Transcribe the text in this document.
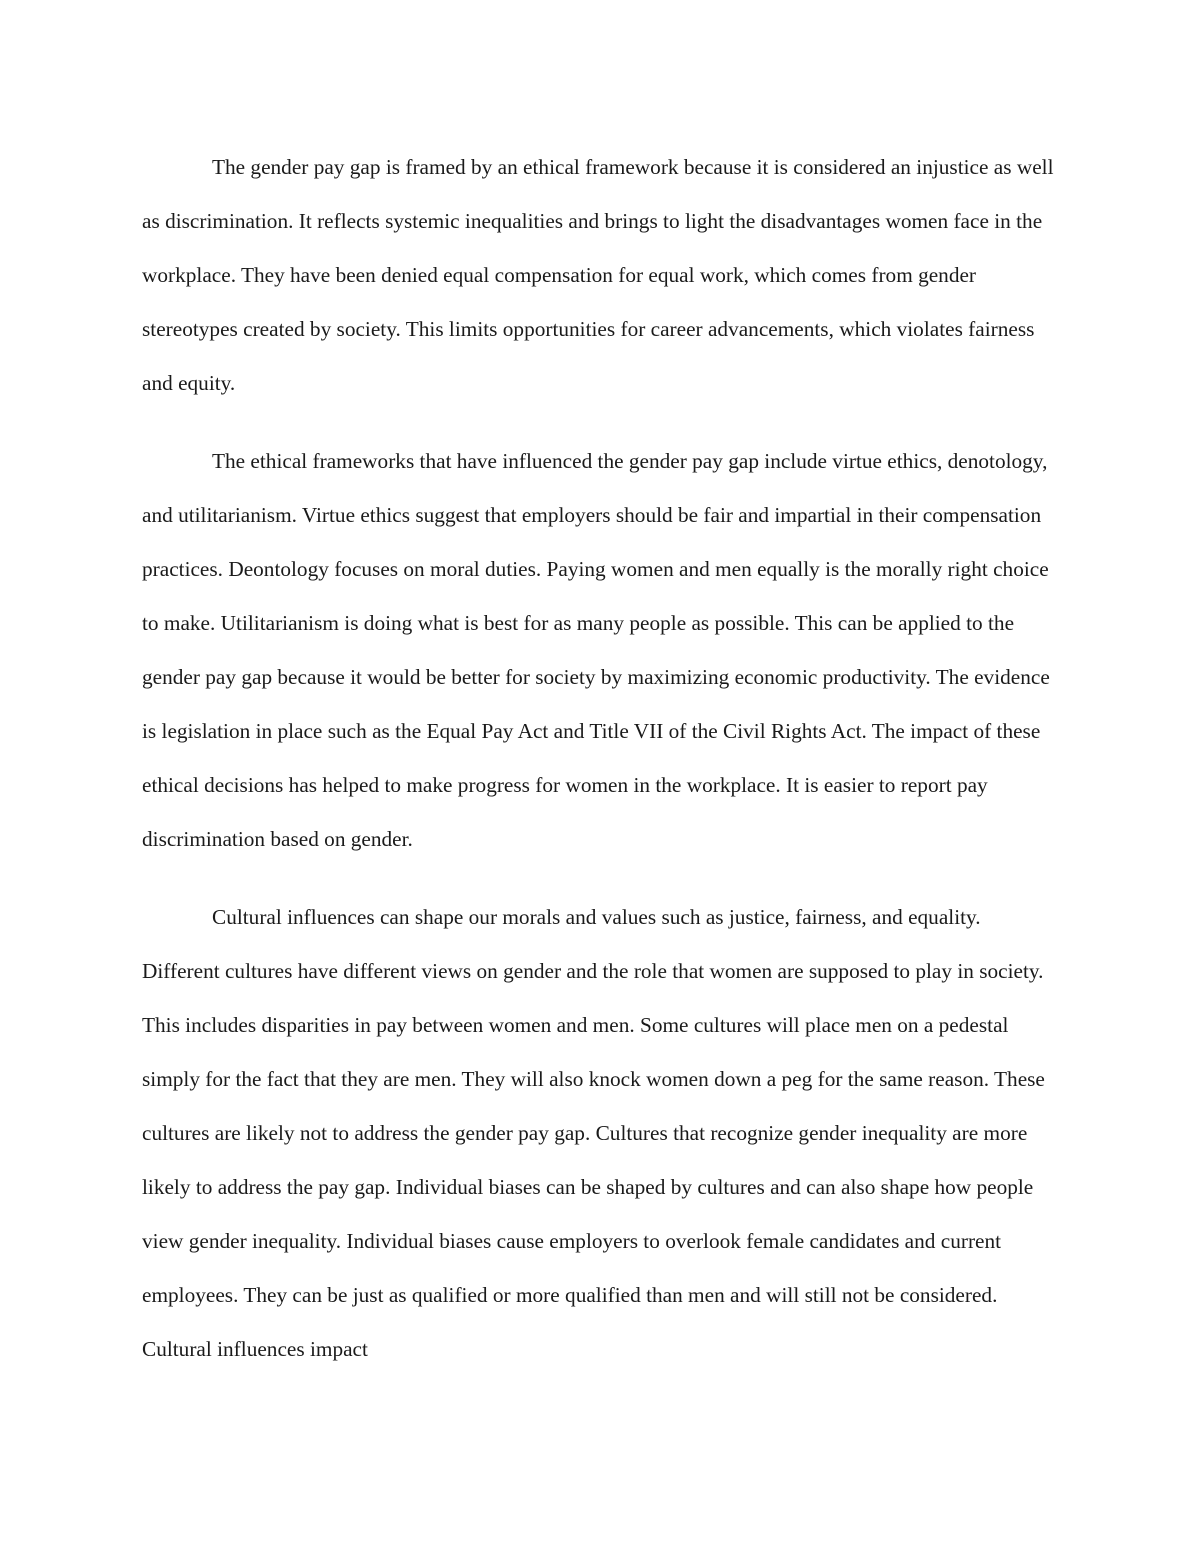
The gender pay gap is framed by an ethical framework because it is considered an injustice as well as discrimination. It reflects systemic inequalities and brings to light the disadvantages women face in the workplace. They have been denied equal compensation for equal work, which comes from gender stereotypes created by society. This limits opportunities for career advancements, which violates fairness and equity.

The ethical frameworks that have influenced the gender pay gap include virtue ethics, denotology, and utilitarianism. Virtue ethics suggest that employers should be fair and impartial in their compensation practices. Deontology focuses on moral duties. Paying women and men equally is the morally right choice to make. Utilitarianism is doing what is best for as many people as possible. This can be applied to the gender pay gap because it would be better for society by maximizing economic productivity. The evidence is legislation in place such as the Equal Pay Act and Title VII of the Civil Rights Act. The impact of these ethical decisions has helped to make progress for women in the workplace. It is easier to report pay discrimination based on gender.

Cultural influences can shape our morals and values such as justice, fairness, and equality. Different cultures have different views on gender and the role that women are supposed to play in society. This includes disparities in pay between women and men. Some cultures will place men on a pedestal simply for the fact that they are men. They will also knock women down a peg for the same reason. These cultures are likely not to address the gender pay gap. Cultures that recognize gender inequality are more likely to address the pay gap. Individual biases can be shaped by cultures and can also shape how people view gender inequality. Individual biases cause employers to overlook female candidates and current employees. They can be just as qualified or more qualified than men and will still not be considered. Cultural influences impact
